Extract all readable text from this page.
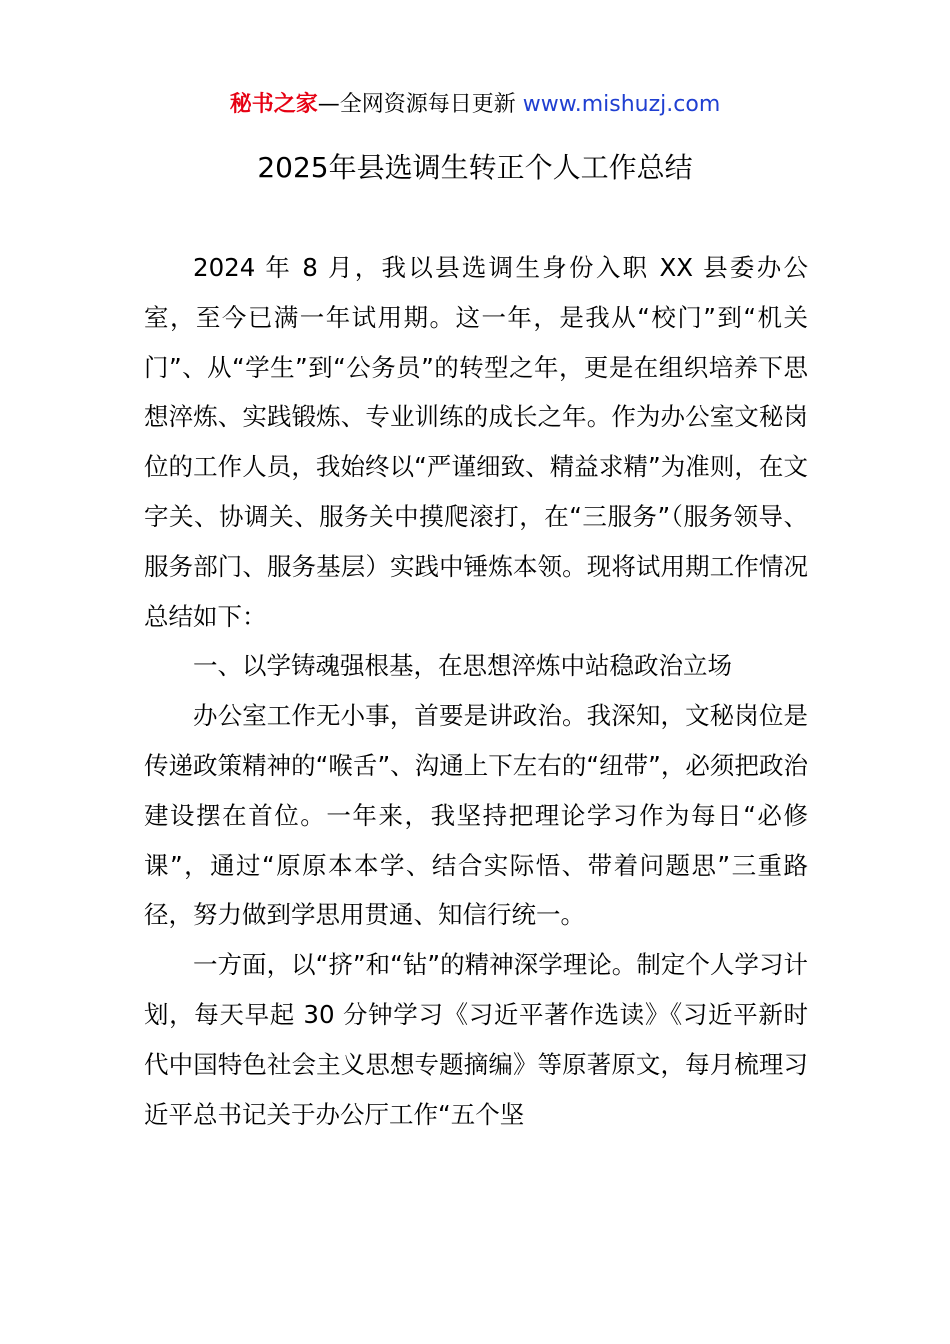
秘书之家—全网资源每日更新 www.mishuzj.com
2025年县选调生转正个人工作总结

2024 年 8 月，我以县选调生身份入职 XX 县委办公室，至今已满一年试用期。这一年，是我从“校门”到“机关门”、从“学生”到“公务员”的转型之年，更是在组织培养下思想淬炼、实践锻炼、专业训练的成长之年。作为办公室文秘岗位的工作人员，我始终以“严谨细致、精益求精”为准则，在文字关、协调关、服务关中摸爬滚打，在“三服务”（服务领导、服务部门、服务基层）实践中锤炼本领。现将试用期工作情况总结如下：

一、以学铸魂强根基，在思想淬炼中站稳政治立场

办公室工作无小事，首要是讲政治。我深知，文秘岗位是传递政策精神的“喉舌”、沟通上下左右的“纽带”，必须把政治建设摆在首位。一年来，我坚持把理论学习作为每日“必修课”，通过“原原本本学、结合实际悟、带着问题思”三重路径，努力做到学思用贯通、知信行统一。

一方面，以“挤”和“钻”的精神深学理论。制定个人学习计划，每天早起 30 分钟学习《习近平著作选读》《习近平新时代中国特色社会主义思想专题摘编》等原著原文，每月梳理习近平总书记关于办公厅工作“五个坚
